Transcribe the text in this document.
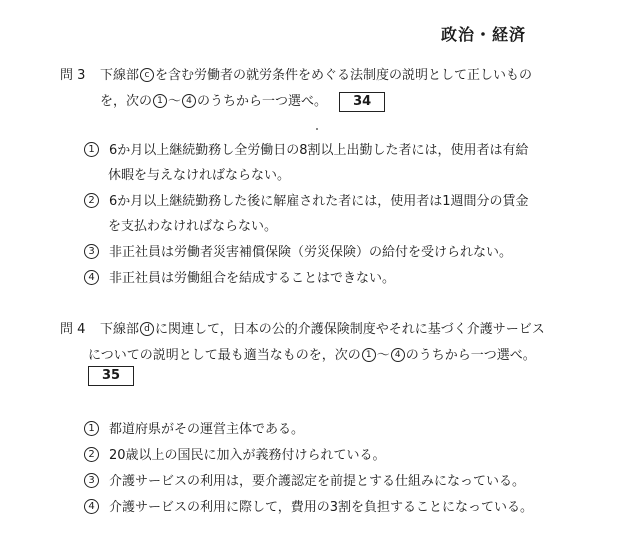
政治・経済
問 3 下線部 c を含む労働者の就労条件をめぐる法制度の説明として正しいもの
を，次の 1 ～ 4 のうちから一つ選べ。 34
1 6か月以上継続勤務し全労働日の8割以上出勤した者には，使用者は有給
休暇を与えなければならない。
2 6か月以上継続勤務した後に解雇された者には，使用者は1週間分の賃金
を支払わなければならない。
3 非正社員は労働者災害補償保険（労災保険）の給付を受けられない。
4 非正社員は労働組合を結成することはできない。
問 4 下線部 d に関連して，日本の公的介護保険制度やそれに基づく介護サービス
についての説明として最も適当なものを，次の 1 ～ 4 のうちから一つ選べ。
35
1 都道府県がその運営主体である。
2 20歳以上の国民に加入が義務付けられている。
3 介護サービスの利用は，要介護認定を前提とする仕組みになっている。
4 介護サービスの利用に際して，費用の3割を負担することになっている。
